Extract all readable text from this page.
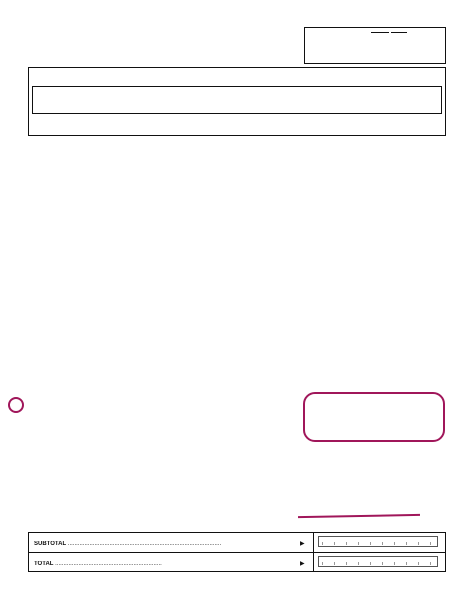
SUBTOTAL ............................................................................................	▶
TOTAL ................................................................	▶
